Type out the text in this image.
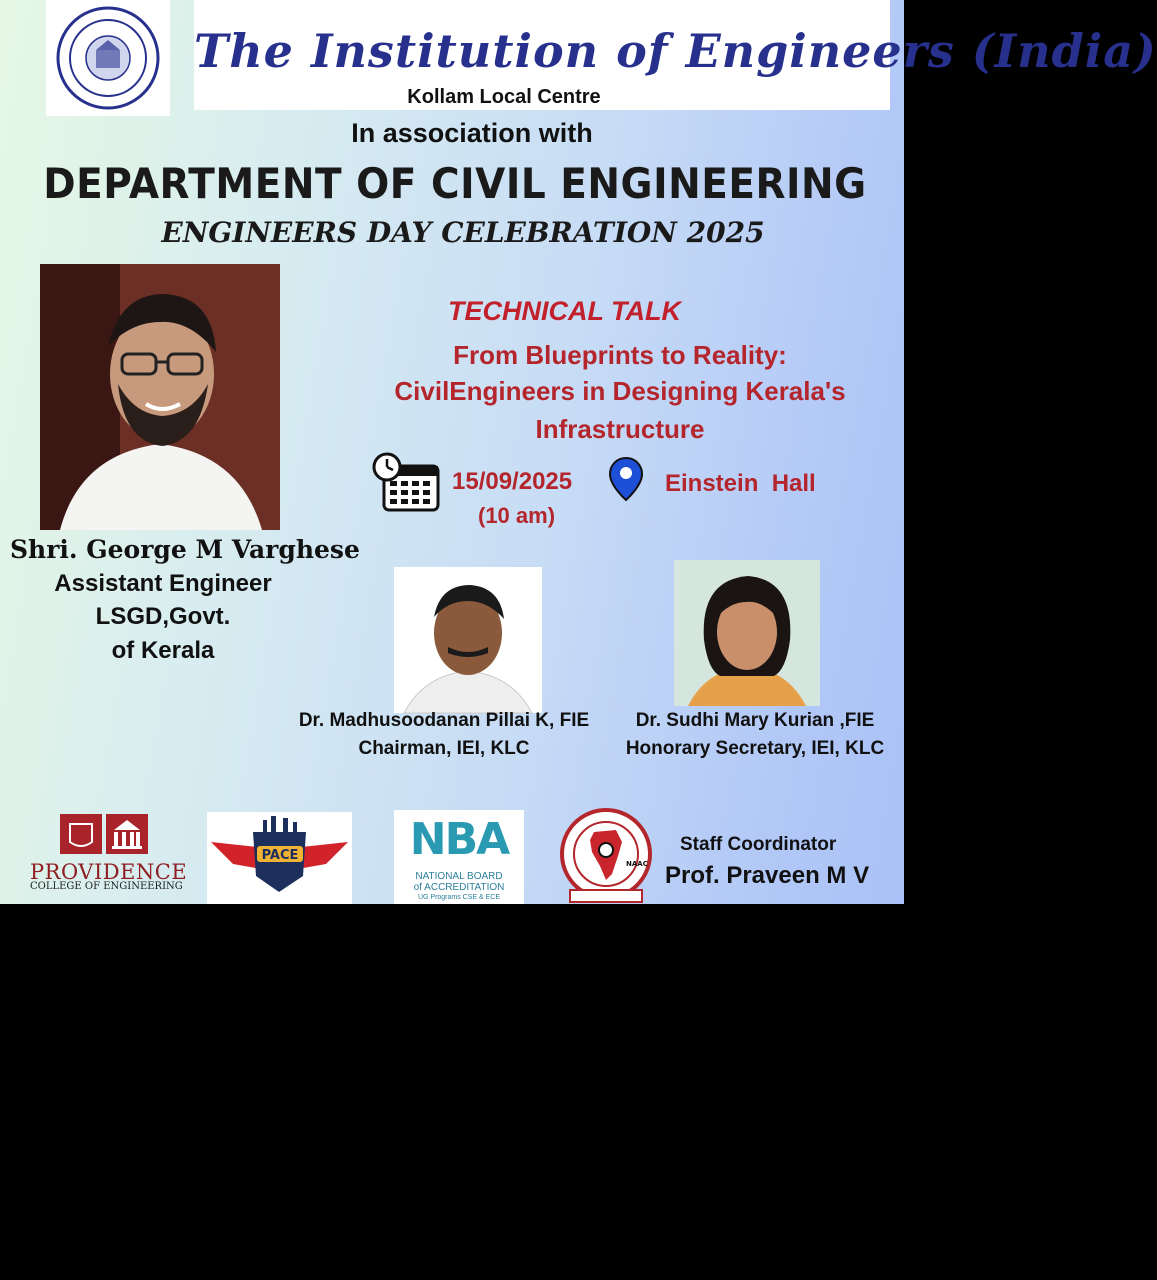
The Institution of Engineers (India)
Kollam Local Centre
In association with
DEPARTMENT OF CIVIL ENGINEERING
ENGINEERS DAY CELEBRATION 2025
Shri. George M Varghese
Assistant Engineer
LSGD,Govt.
of Kerala
TECHNICAL TALK
From Blueprints to Reality:
CivilEngineers in Designing Kerala's
Infrastructure
15/09/2025
(10 am)
Einstein  Hall
Dr. Madhusoodanan Pillai K, FIE
Chairman, IEI, KLC
Dr. Sudhi Mary Kurian ,FIE
Honorary Secretary, IEI, KLC
PROVIDENCE
COLLEGE OF ENGINEERING
PACE	NBA
NATIONAL BOARD
of ACCREDITATION
UG Programs CSE & ECE
NAAC
Staff Coordinator
Prof. Praveen M V
